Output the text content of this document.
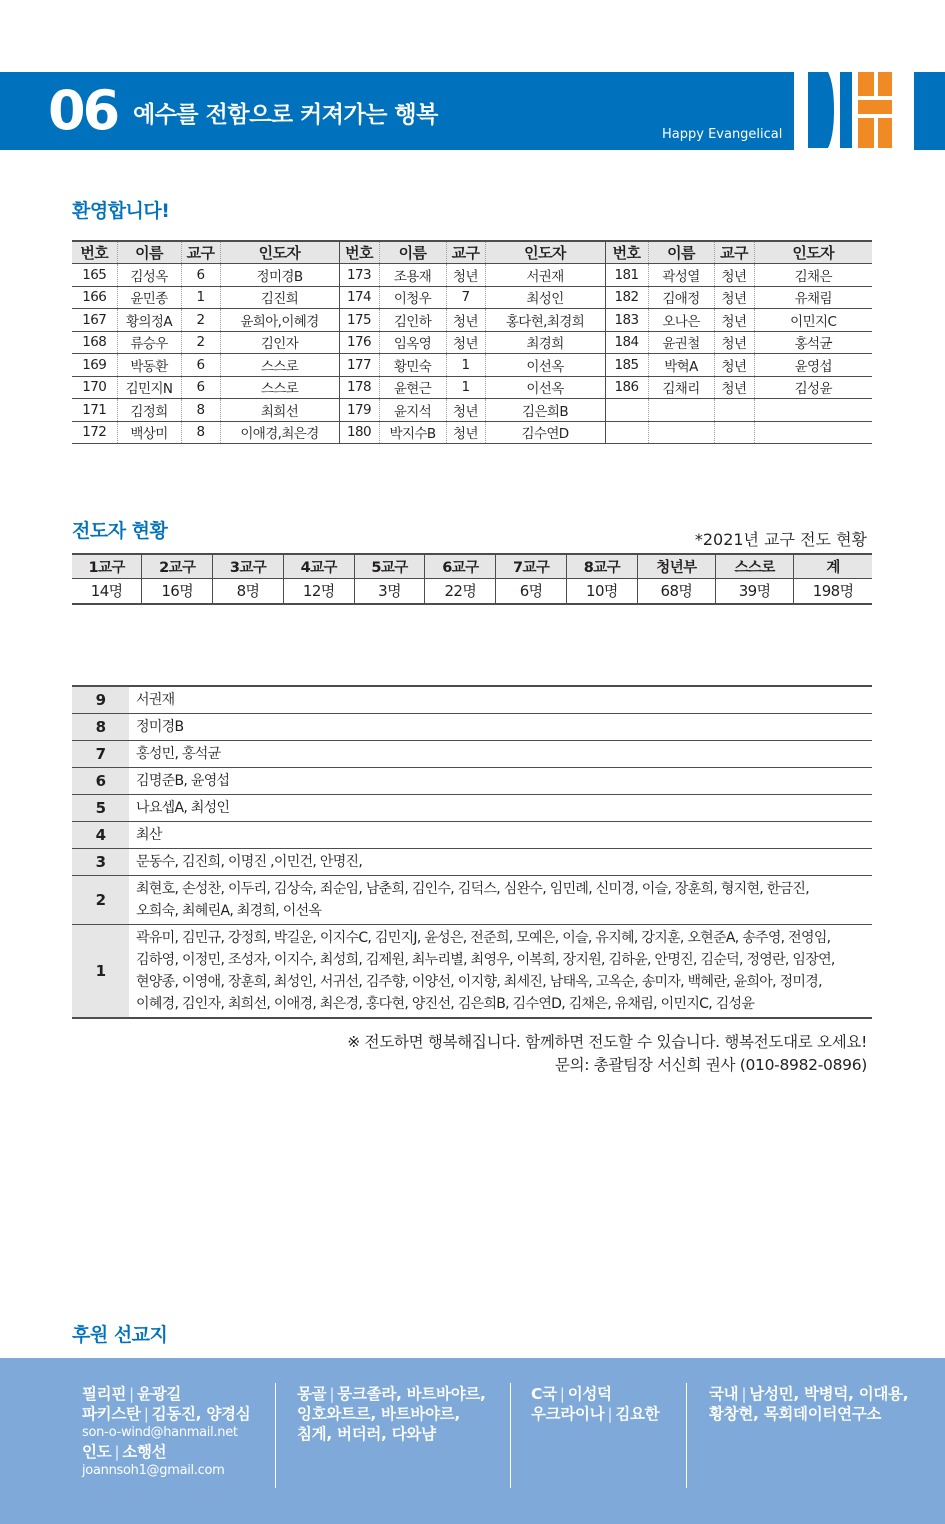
06 예수를 전함으로 커져가는 행복
Happy Evangelical
환영합니다!
번호	이름	교구	인도자	번호	이름	교구	인도자	번호	이름	교구	인도자
165	김성옥	6	정미경B	173	조용재	청년	서권재	181	곽성열	청년	김채은
166	윤민종	1	김진희	174	이청우	7	최성인	182	김애정	청년	유채림
167	황의정A	2	윤희아,이혜경	175	김인하	청년	홍다현,최경희	183	오나은	청년	이민지C
168	류승우	2	김인자	176	임옥영	청년	최경희	184	윤권철	청년	홍석균
169	박동환	6	스스로	177	황민숙	1	이선옥	185	박혁A	청년	윤영섭
170	김민지N	6	스스로	178	윤현근	1	이선옥	186	김채리	청년	김성윤
171	김정희	8	최희선	179	윤지석	청년	김은희B				
172	백상미	8	이애경,최은경	180	박지수B	청년	김수연D				
전도자 현황	*2021년 교구 전도 현황
1교구	2교구	3교구	4교구	5교구	6교구	7교구	8교구	청년부	스스로	계
14명	16명	8명	12명	3명	22명	6명	10명	68명	39명	198명
9	서권재

8	정미경B

7	홍성민, 홍석균

6	김명준B, 윤영섭

5	나요셉A, 최성인

4	최산

3	문동수, 김진희, 이명진 ,이민건, 안명진,

2	최현호, 손성찬, 이두리, 김상숙, 죄순임, 남춘희, 김인수, 김덕스, 심완수, 임민례, 신미경, 이슬, 장훈희, 형지현, 한금진,
오희숙, 최혜린A, 최경희, 이선옥

1	곽유미, 김민규, 강정희, 박길운, 이지수C, 김민지J, 윤성은, 전준희, 모예은, 이슬, 유지혜, 강지훈, 오현준A, 송주영, 전영임,
김하영, 이정민, 조성자, 이지수, 최성희, 김제원, 최누리별, 최영우, 이복희, 장지원, 김하윤, 안명진, 김순덕, 정영란, 임장연,
현양종, 이영애, 장훈희, 최성인, 서귀선, 김주향, 이양선, 이지향, 최세진, 남태옥, 고옥순, 송미자, 백혜란, 윤희아, 정미경,
이혜경, 김인자, 최희선, 이애경, 최은경, 홍다현, 양진선, 김은희B, 김수연D, 김채은, 유채림, 이민지C, 김성윤
※ 전도하면 행복해집니다. 함께하면 전도할 수 있습니다. 행복전도대로 오세요!
문의: 총괄팀장 서신희 권사 (010-8982-0896)
후원 선교지
필리핀 | 윤광길
파키스탄 | 김동진, 양경심
son-o-wind@hanmail.net
인도 | 소행선
joannsoh1@gmail.com
몽골 | 뭉크졸라, 바트바야르,
잉호와트르, 바트바야르,
침게, 버더러, 다와냠
C국 | 이성덕
우크라이나 | 김요한
국내 | 남성민, 박병덕, 이대용,
황창현, 목회데이터연구소
